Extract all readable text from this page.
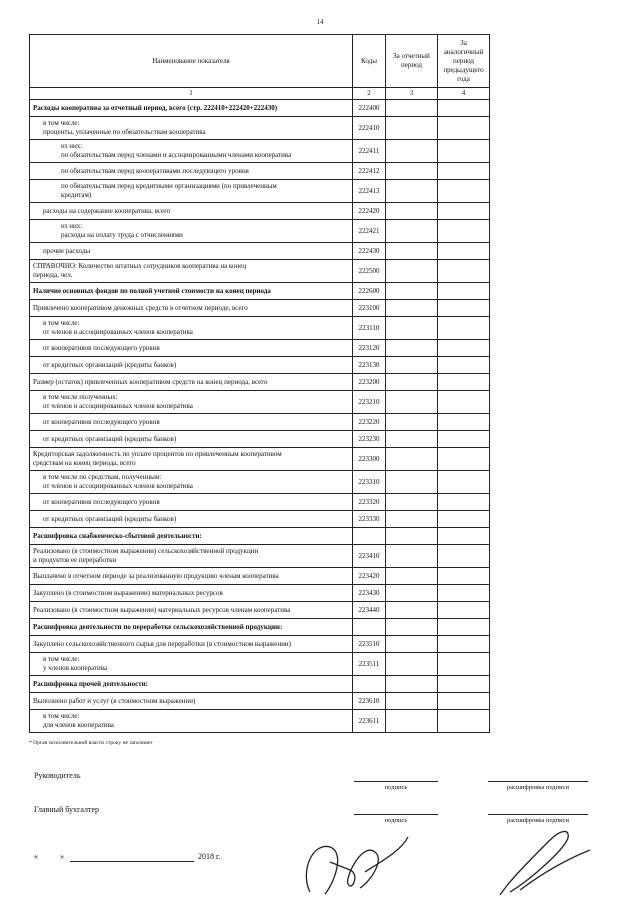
14
Наименование показателя	Коды	За отчетный период	За аналогичный период предыдущего года
1	2	3	4

Расходы кооператива за отчетный период, всего (стр. 222410+222420+222430)	222400		

в том числе:
проценты, уплаченные по обязательствам кооператива	222410		

из них:
по обязательствам перед членами и ассоциированными членами кооператива	222411		

по обязательствам перед кооперативами последующего уровня	222412		

по обязательствам перед кредитными организациями (по привлеченным
кредитам)	222413		

расходы на содержание кооператива, всего	222420		

из них:
расходы на оплату труда с отчислениями	222421		

прочие расходы	222430		

СПРАВОЧНО: Количество штатных сотрудников кооператива на конец
периода, чел.	222500		

Наличие основных фондов по полной учетной стоимости на конец периода	222600		

Привлечено кооперативом денежных средств в отчетном периоде, всего	223100		

в том числе:
от членов и ассоциированных членов кооператива	223110		

от кооперативов последующего уровня	223120		

от кредитных организаций (кредиты банков)	223130		

Размер (остаток) привлеченных кооперативом средств на конец периода, всего	223200		

в том числе полученных:
от членов и ассоциированных членов кооператива	223210		

от кооперативов последующего уровня	223220		

от кредитных организаций (кредиты банков)	223230		

Кредиторская задолженность по уплате процентов по привлеченным кооперативом
средствам на конец периода, всего	223300		

в том числе по средствам, полученным:
от членов и ассоциированных членов кооператива	223310		

от кооперативов последующего уровня	223320		

от кредитных организаций (кредиты банков)	223330		

Расшифровка снабженческо-сбытовой деятельности:			

Реализовано (в стоимостном выражении) сельскохозяйственной продукции
и продуктов ее переработки	223410		

Выплачено в отчетном периоде за реализованную продукцию членам кооператива	223420		

Закуплено (в стоимостном выражении) материальных ресурсов	223430		

Реализовано (в стоимостном выражении) материальных ресурсов членам кооператива	223440		

Расшифровка деятельности по переработке сельскохозяйственной продукции:			

Закуплено сельскохозяйственного сырья для переработки (в стоимостном выражении)	223510		

в том числе:
у членов кооператива	223511		

Расшифровка прочей деятельности:			

Выполнено работ и услуг (в стоимостном выражении)	223610		

в том числе:
для членов кооператива	223611		
* Орган исполнительной власти строку не заполняет
Руководитель
подпись	расшифровка подписи
Главный бухгалтер
подпись	расшифровка подписи
«	»	2018 г.
